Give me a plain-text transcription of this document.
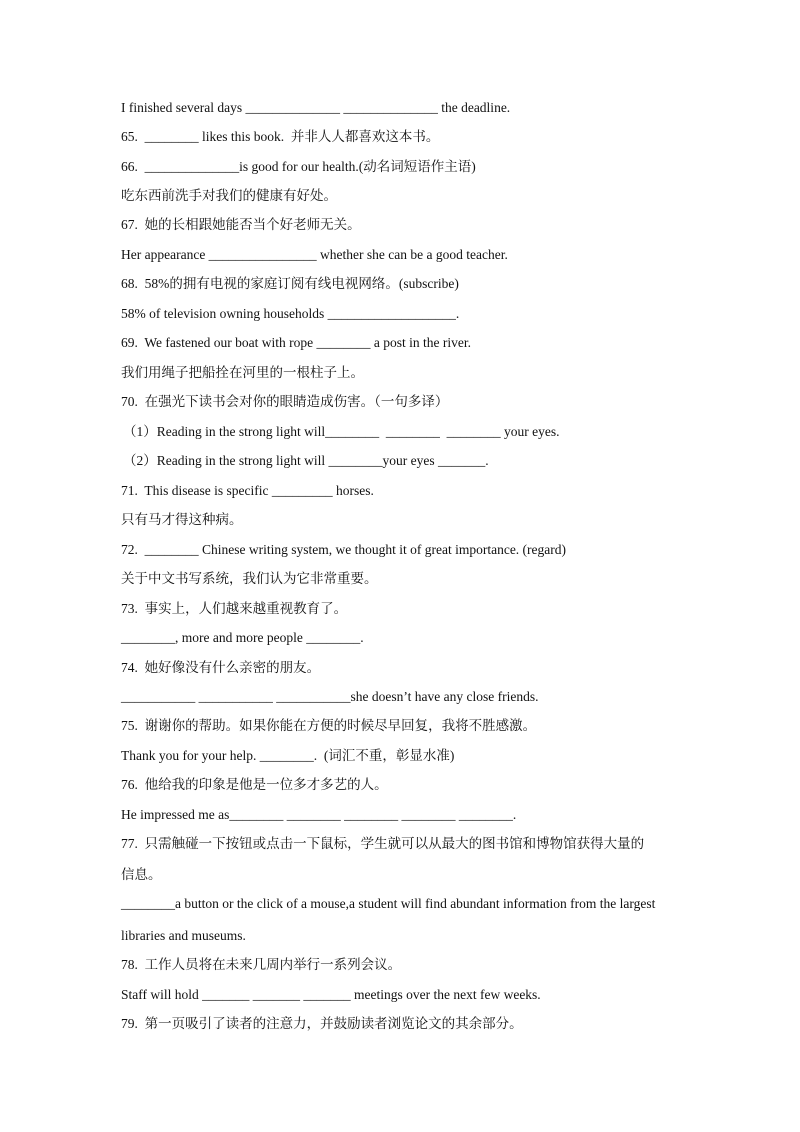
I finished several days ______________ ______________ the deadline.
65.  ________ likes this book.  并非人人都喜欢这本书。
66.  ______________is good for our health.(动名词短语作主语)
吃东西前洗手对我们的健康有好处。
67.  她的长相跟她能否当个好老师无关。
Her appearance ________________ whether she can be a good teacher.
68.  58%的拥有电视的家庭订阅有线电视网络。(subscribe)
58% of television owning households ___________________.
69.  We fastened our boat with rope ________ a post in the river.
我们用绳子把船拴在河里的一根柱子上。
70.  在强光下读书会对你的眼睛造成伤害。（一句多译）
（1）Reading in the strong light will________  ________  ________ your eyes.
（2）Reading in the strong light will ________your eyes _______.
71.  This disease is specific _________ horses.
只有马才得这种病。
72.  ________ Chinese writing system, we thought it of great importance. (regard)
关于中文书写系统，我们认为它非常重要。
73.  事实上，人们越来越重视教育了。
________, more and more people ________.
74.  她好像没有什么亲密的朋友。
___________ ___________ ___________she doesn’t have any close friends.
75.  谢谢你的帮助。如果你能在方便的时候尽早回复，我将不胜感激。
Thank you for your help. ________.  (词汇不重，彰显水准)
76.  他给我的印象是他是一位多才多艺的人。
He impressed me as________ ________ ________ ________ ________.
77.  只需触碰一下按钮或点击一下鼠标，学生就可以从最大的图书馆和博物馆获得大量的
信息。
________a button or the click of a mouse,a student will find abundant information from the largest
libraries and museums.
78.  工作人员将在未来几周内举行一系列会议。
Staff will hold _______ _______ _______ meetings over the next few weeks.
79.  第一页吸引了读者的注意力，并鼓励读者浏览论文的其余部分。
